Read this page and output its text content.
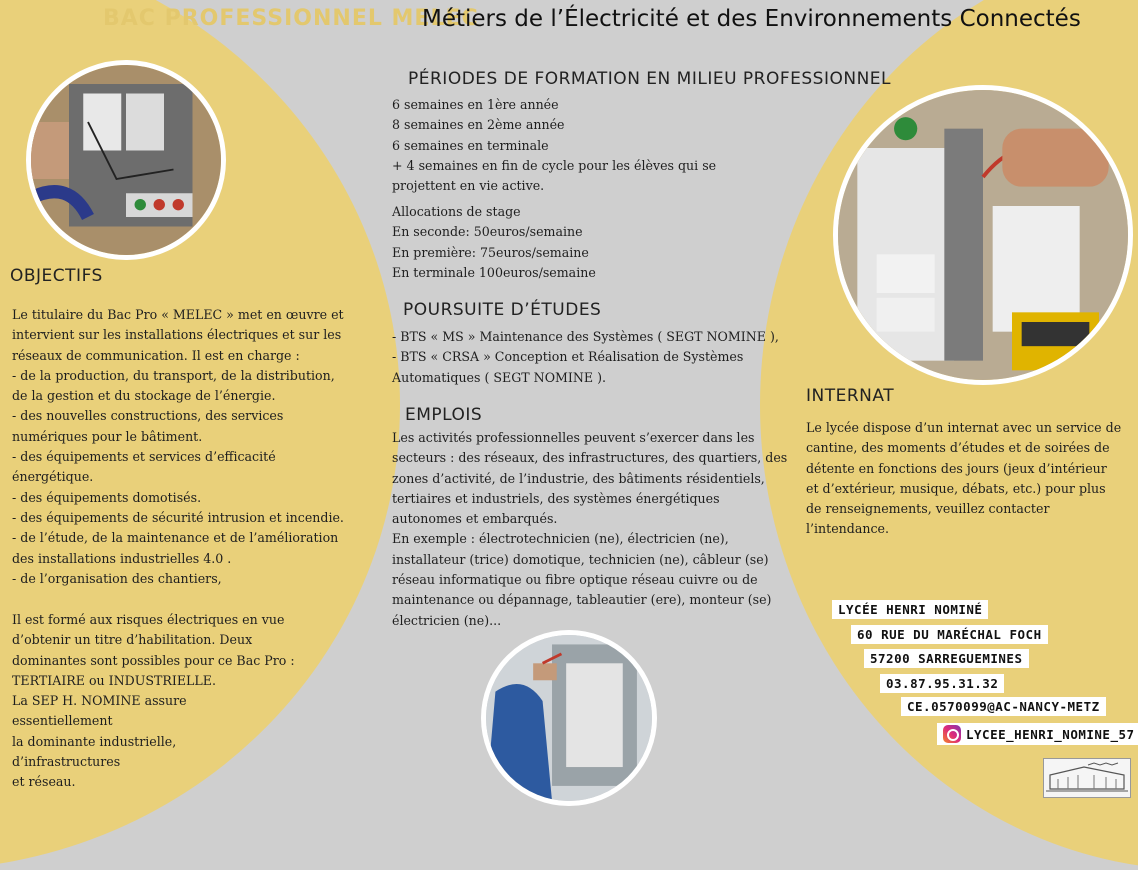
BAC PROFESSIONNEL MELEC
Métiers de l’Électricité et des Environnements Connectés
PÉRIODES DE FORMATION EN MILIEU PROFESSIONNEL
6 semaines en 1ère année
8 semaines en 2ème année
6 semaines en terminale
+ 4 semaines en fin de cycle pour les élèves qui se
projettent en vie active.
Allocations de stage
En seconde: 50euros/semaine
En première: 75euros/semaine
En terminale 100euros/semaine
POURSUITE D’ÉTUDES
- BTS « MS » Maintenance des Systèmes ( SEGT NOMINE ),
- BTS « CRSA » Conception et Réalisation de Systèmes
Automatiques ( SEGT NOMINE ).
EMPLOIS
Les activités professionnelles peuvent s’exercer dans les
secteurs : des réseaux, des infrastructures, des quartiers, des
zones d’activité, de l’industrie, des bâtiments résidentiels,
tertiaires et industriels, des systèmes énergétiques
autonomes et embarqués.
En exemple : électrotechnicien (ne), électricien (ne),
installateur (trice) domotique, technicien (ne), câbleur (se)
réseau informatique ou fibre optique réseau cuivre ou de
maintenance ou dépannage, tableautier (ere), monteur (se)
électricien (ne)...
OBJECTIFS
Le titulaire du Bac Pro « MELEC » met en œuvre et
intervient sur les installations électriques et sur les
réseaux de communication. Il est en charge :
- de la production, du transport, de la distribution,
de la gestion et du stockage de l’énergie.
- des nouvelles constructions, des services
numériques pour le bâtiment.
- des équipements et services d’efficacité
énergétique.
- des équipements domotisés.
- des équipements de sécurité intrusion et incendie.
- de l’étude, de la maintenance et de l’amélioration
des installations industrielles 4.0 .
- de l’organisation des chantiers,
Il est formé aux risques électriques en vue
d’obtenir un titre d’habilitation. Deux
dominantes sont possibles pour ce Bac Pro :
TERTIAIRE ou INDUSTRIELLE.
La SEP H. NOMINE assure
essentiellement
la dominante industrielle,
d’infrastructures
et réseau.
INTERNAT
Le lycée dispose d’un internat avec un service de
cantine, des moments d’études et de soirées de
détente en fonctions des jours (jeux d’intérieur
et d’extérieur, musique, débats, etc.) pour plus
de renseignements, veuillez contacter
l’intendance.
LYCÉE HENRI NOMINÉ
60 RUE DU MARÉCHAL FOCH
57200 SARREGUEMINES
03.87.95.31.32
CE.0570099@AC-NANCY-METZ
LYCEE_HENRI_NOMINE_57
